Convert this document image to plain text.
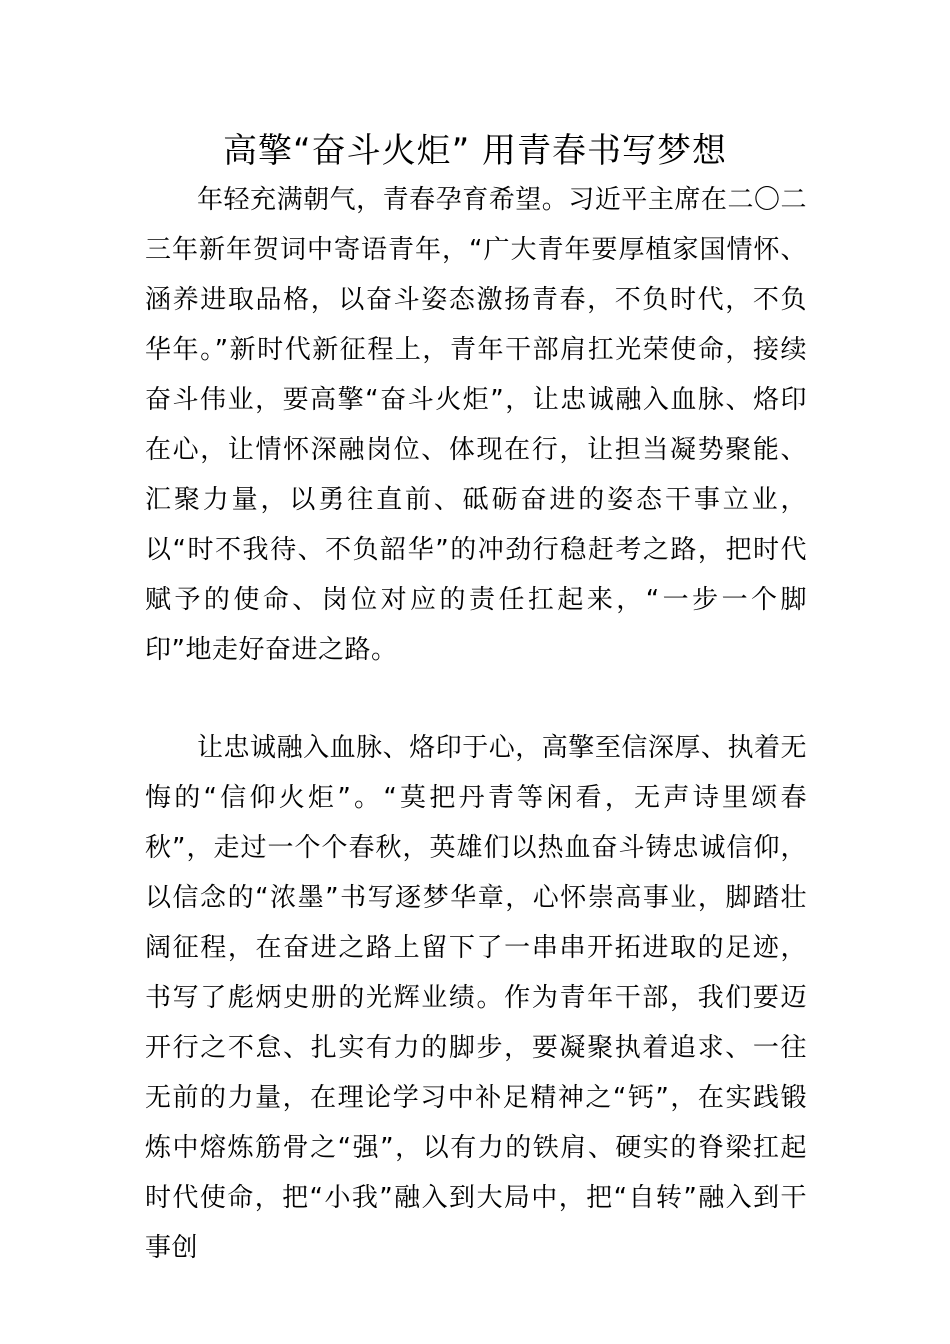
高擎“奋斗火炬” 用青春书写梦想

年轻充满朝气，青春孕育希望。习近平主席在二〇二三年新年贺词中寄语青年，“广大青年要厚植家国情怀、涵养进取品格，以奋斗姿态激扬青春，不负时代，不负华年。”新时代新征程上，青年干部肩扛光荣使命，接续奋斗伟业，要高擎“奋斗火炬”，让忠诚融入血脉、烙印在心，让情怀深融岗位、体现在行，让担当凝势聚能、汇聚力量，以勇往直前、砥砺奋进的姿态干事立业，以“时不我待、不负韶华”的冲劲行稳赶考之路，把时代赋予的使命、岗位对应的责任扛起来，“一步一个脚印”地走好奋进之路。

让忠诚融入血脉、烙印于心，高擎至信深厚、执着无悔的“信仰火炬”。“莫把丹青等闲看，无声诗里颂春秋”，走过一个个春秋，英雄们以热血奋斗铸忠诚信仰，以信念的“浓墨”书写逐梦华章，心怀崇高事业，脚踏壮阔征程，在奋进之路上留下了一串串开拓进取的足迹，书写了彪炳史册的光辉业绩。作为青年干部，我们要迈开行之不怠、扎实有力的脚步，要凝聚执着追求、一往无前的力量，在理论学习中补足精神之“钙”，在实践锻炼中熔炼筋骨之“强”，以有力的铁肩、硬实的脊梁扛起时代使命，把“小我”融入到大局中，把“自转”融入到干事创
